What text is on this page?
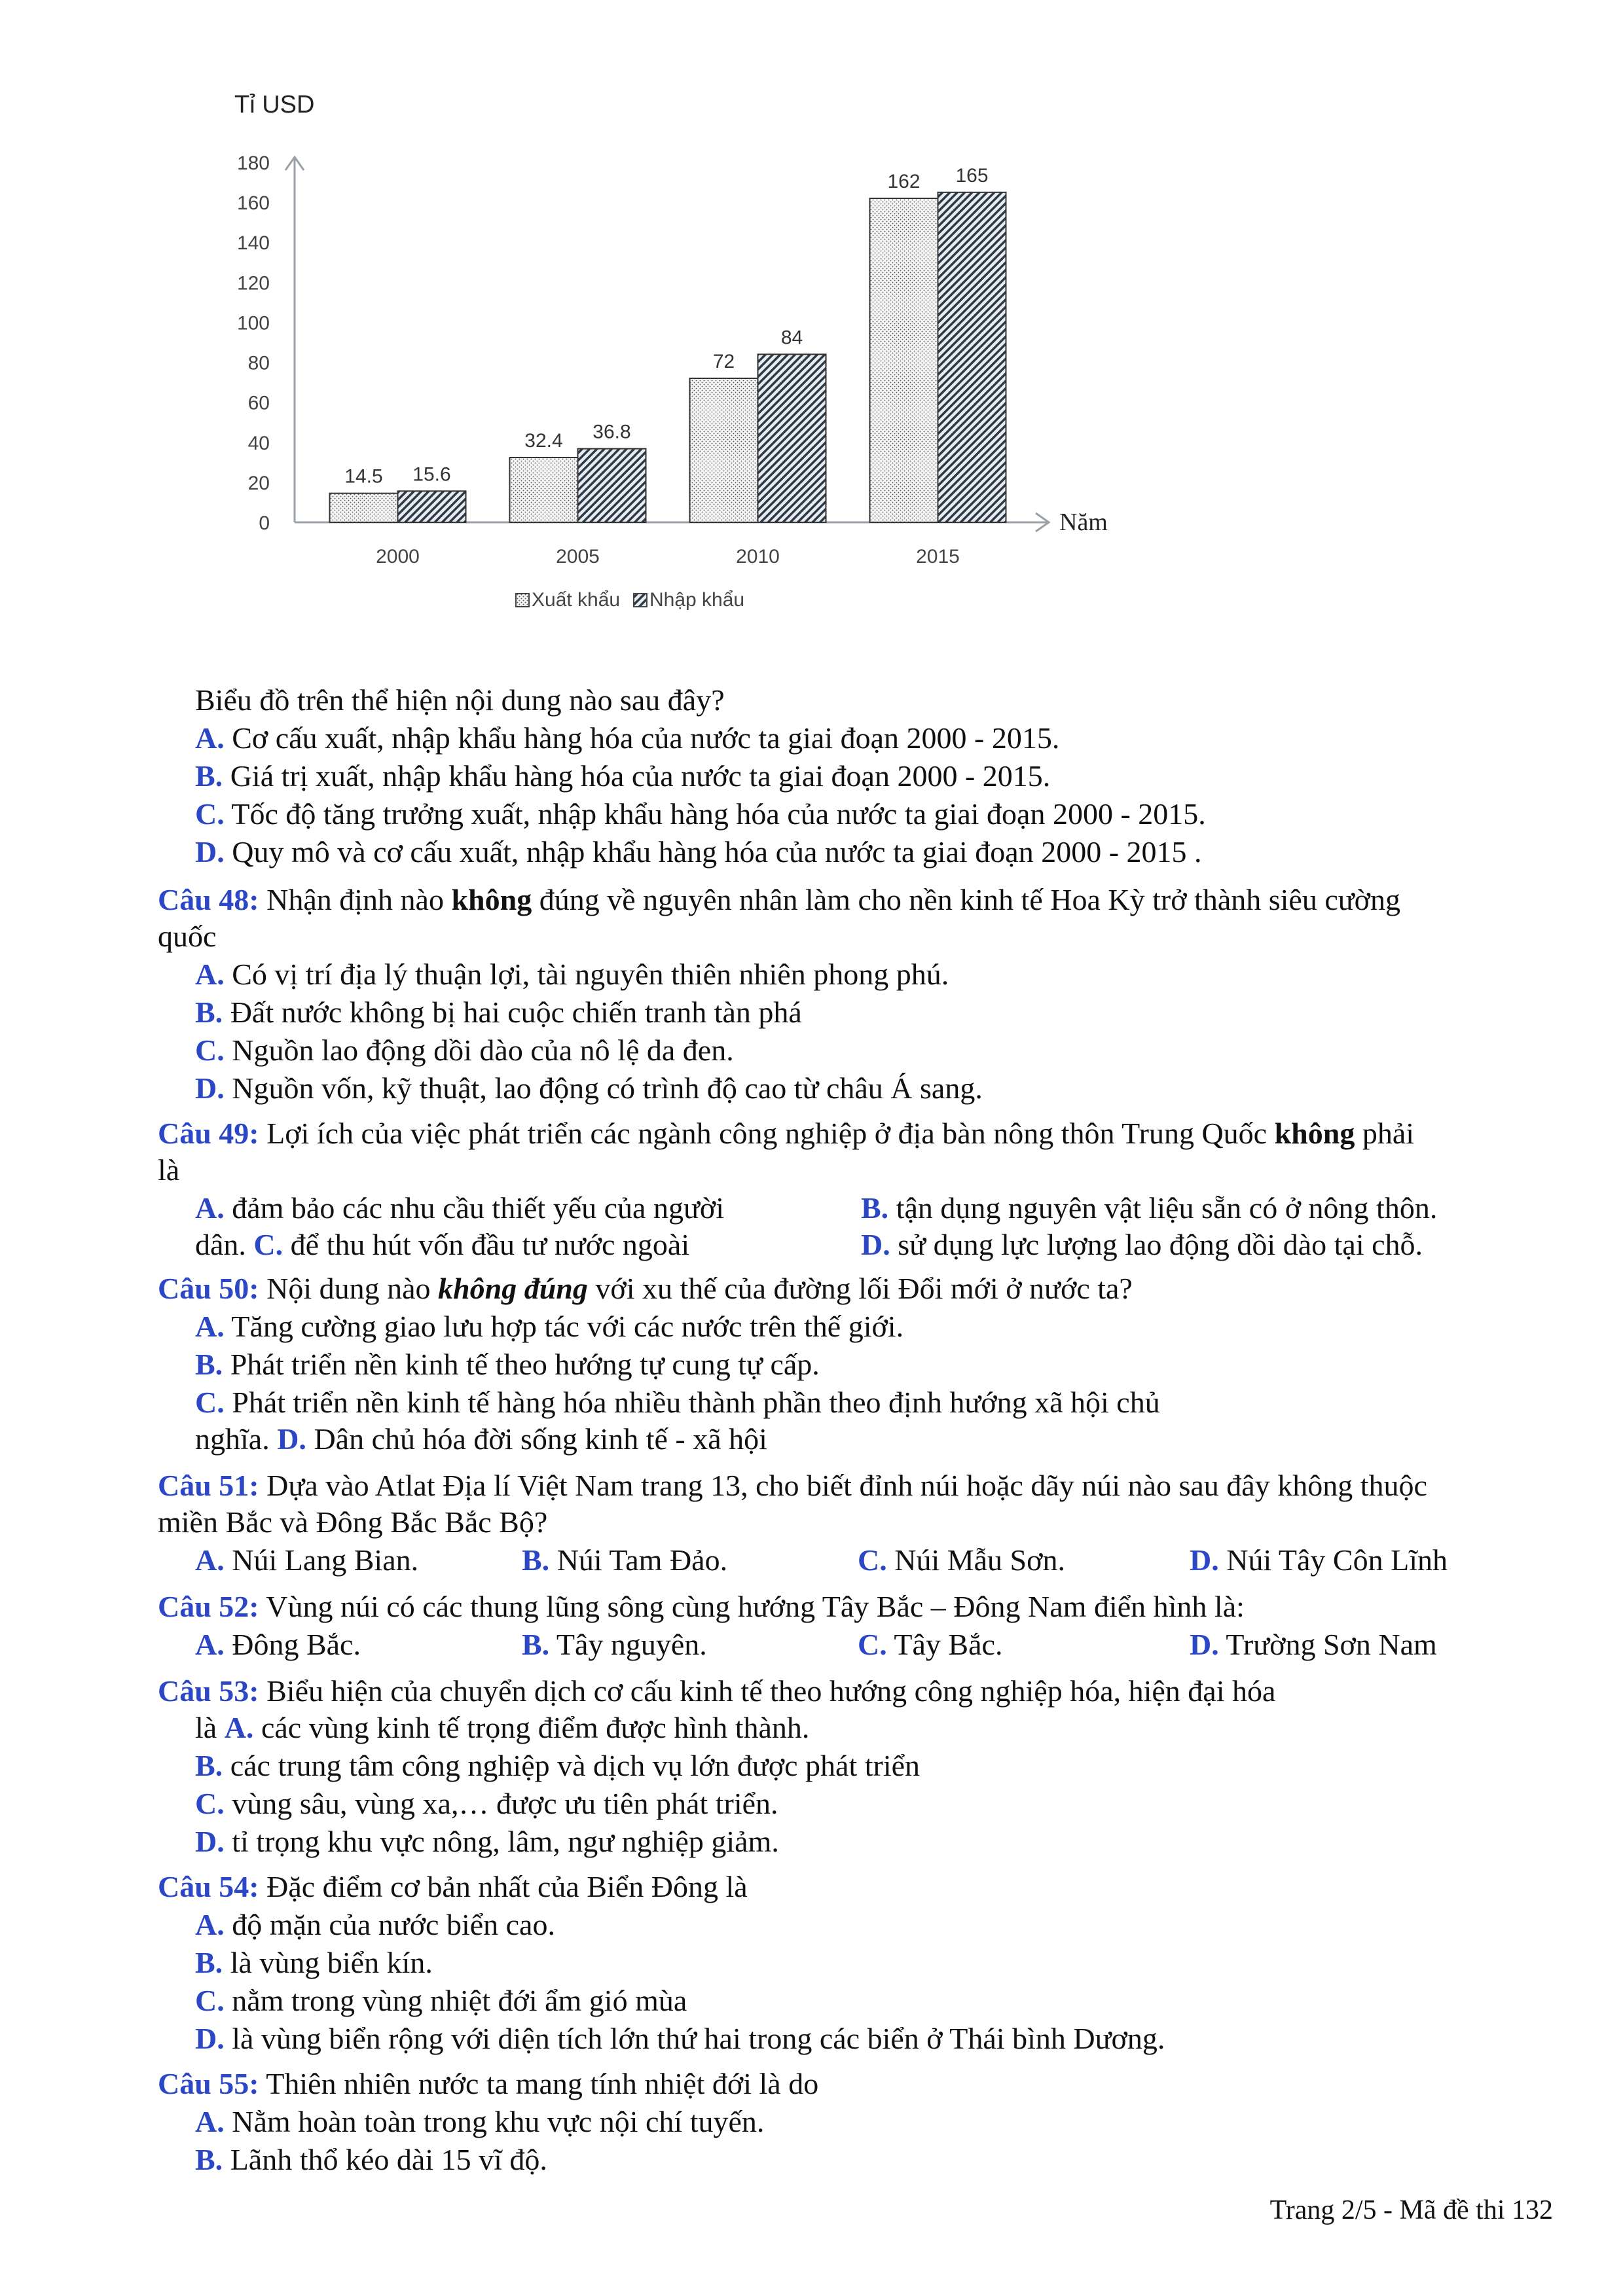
0
20
40
60
80
100
120
140
160
180
Tỉ USD
Năm
14.5 15.6
32.4 36.8
72
84
162 165
2000	2005	2010	2015
Xuất khẩu Nhập khẩu
Biểu đồ trên thể hiện nội dung nào sau đây?
A. Cơ cấu xuất, nhập khẩu hàng hóa của nước ta giai đoạn 2000 - 2015.
B. Giá trị xuất, nhập khẩu hàng hóa của nước ta giai đoạn 2000 - 2015.
C. Tốc độ tăng trưởng xuất, nhập khẩu hàng hóa của nước ta giai đoạn 2000 - 2015.
D. Quy mô và cơ cấu xuất, nhập khẩu hàng hóa của nước ta giai đoạn 2000 - 2015 .
Câu 48: Nhận định nào không đúng về nguyên nhân làm cho nền kinh tế Hoa Kỳ trở thành siêu cường
quốc
A. Có vị trí địa lý thuận lợi, tài nguyên thiên nhiên phong phú.
B. Đất nước không bị hai cuộc chiến tranh tàn phá
C. Nguồn lao động dồi dào của nô lệ da đen.
D. Nguồn vốn, kỹ thuật, lao động có trình độ cao từ châu Á sang.
Câu 49: Lợi ích của việc phát triển các ngành công nghiệp ở địa bàn nông thôn Trung Quốc không phải
là
A. đảm bảo các nhu cầu thiết yếu của người	B. tận dụng nguyên vật liệu sẵn có ở nông thôn.
dân. C. để thu hút vốn đầu tư nước ngoài	D. sử dụng lực lượng lao động dồi dào tại chỗ.
Câu 50: Nội dung nào không đúng với xu thế của đường lối Đổi mới ở nước ta?
A. Tăng cường giao lưu hợp tác với các nước trên thế giới.
B. Phát triển nền kinh tế theo hướng tự cung tự cấp.
C. Phát triển nền kinh tế hàng hóa nhiều thành phần theo định hướng xã hội chủ
nghĩa. D. Dân chủ hóa đời sống kinh tế - xã hội
Câu 51: Dựa vào Atlat Địa lí Việt Nam trang 13, cho biết đỉnh núi hoặc dãy núi nào sau đây không thuộc
miền Bắc và Đông Bắc Bắc Bộ?
A. Núi Lang Bian.	B. Núi Tam Đảo.	C. Núi Mẫu Sơn.	D. Núi Tây Côn Lĩnh
Câu 52: Vùng núi có các thung lũng sông cùng hướng Tây Bắc – Đông Nam điển hình là:
A. Đông Bắc.	B. Tây nguyên.	C. Tây Bắc.	D. Trường Sơn Nam
Câu 53: Biểu hiện của chuyển dịch cơ cấu kinh tế theo hướng công nghiệp hóa, hiện đại hóa
là A. các vùng kinh tế trọng điểm được hình thành.
B. các trung tâm công nghiệp và dịch vụ lớn được phát triển
C. vùng sâu, vùng xa,… được ưu tiên phát triển.
D. tỉ trọng khu vực nông, lâm, ngư nghiệp giảm.
Câu 54: Đặc điểm cơ bản nhất của Biển Đông là
A. độ mặn của nước biển cao.
B. là vùng biển kín.
C. nằm trong vùng nhiệt đới ẩm gió mùa
D. là vùng biển rộng với diện tích lớn thứ hai trong các biển ở Thái bình Dương.
Câu 55: Thiên nhiên nước ta mang tính nhiệt đới là do
A. Nằm hoàn toàn trong khu vực nội chí tuyến.
B. Lãnh thổ kéo dài 15 vĩ độ.
Trang 2/5 - Mã đề thi 132
